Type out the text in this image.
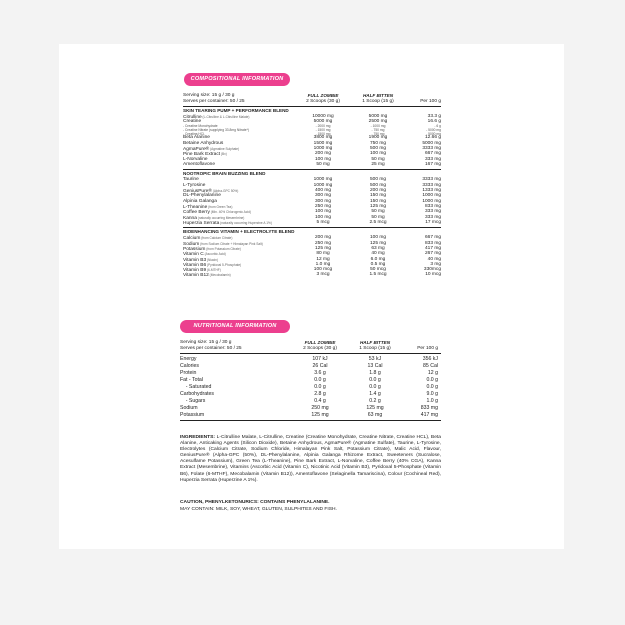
COMPOSITIONAL INFORMATION
Serving size: 15 g / 30 g	FULL ZOMBIE	HALF BITTEN
Serves per container: 50 / 25	2 Scoops (30 g)	1 Scoop (15 g)	Per 100 g
SKIN TEARING PUMP + PERFORMANCE BLEND
Citrulline (L-Citrulline & L-Citrulline Malate)	10000 mg	5000 mg	33.3 g
Creatine	5000 mg	2500 mg	16.6 g
- Creatine Monohydrate	- 2000 mg	- 1000 mg	- 6 g
- Creatine Nitrate (supplying 33.8mg Nitrate*)	- 1500 mg	- 750 mg	- 5000 mg
- Creatine HCl	- 1500 mg	- 750 mg	- 5000 mg
Beta Alanine	3800 mg	1900 mg	12.66 g
Betaine Anhydrous	1500 mg	750 mg	5000 mg
AgmaPure® (Agmatine Sulphate)	1000 mg	500 mg	3333 mg
Pine Bark Extract (Bx)	200 mg	100 mg	667 mg
L-Norvaline	100 mg	50 mg	333 mg
Amentoflavone	50 mg	25 mg	167 mg
NOOTROPIC BRAIN BUZZING BLEND
Taurine	1000 mg	500 mg	3333 mg
L-Tyrosine	1000 mg	500 mg	3333 mg
GeniusPure® (Alpha-GPC 50%)	400 mg	200 mg	1333 mg
DL-Phenylalanine	300 mg	150 mg	1000 mg
Alpinia Galanga	300 mg	150 mg	1000 mg
L-Theanine (from Green Tea)	250 mg	125 mg	833 mg
Coffee Berry (Min. 40% Chlorogenic Acid)	100 mg	50 mg	333 mg
Kanna (naturally occurring Mesembrine)	100 mg	50 mg	333 mg
Huperzia Serrata (naturally occurring Huperzine A 1%)	5 mcg	2.5 mcg	17 mcg
BIOENHANCING VITAMIN + ELECTROLYTE BLEND
Calcium (from Calcium Citrate)	200 mg	100 mg	667 mg
Sodium (from Sodium Citrate + Himalayan Pink Salt)	250 mg	125 mg	833 mg
Potassium (from Potassium Citrate)	125 mg	63 mg	417 mg
Vitamin C (Ascorbic Acid)	80 mg	40 mg	267 mg
Vitamin B3 (Niacin)	12 mg	6.0 mg	40 mg
Vitamin B6 (Pyridoxal 5-Phosphate)	1.0 mg	0.5 mg	3 mg
Vitamin B9 (6-MTHF)	100 mcg	50 mcg	330mcg
Vitamin B12 (Mecobalamin)	3 mcg	1.5 mcg	10 mcg
NUTRITIONAL INFORMATION
Serving size: 15 g / 30 g	FULL ZOMBIE	HALF BITTEN
Serves per container: 50 / 25	2 Scoops (30 g)	1 Scoop (15 g)	Per 100 g
Energy	107 kJ	53 kJ	356 kJ
Calories	26 Cal	13 Cal	85 Cal
Protein	3.6 g	1.8 g	12 g
Fat - Total	0.0 g	0.0 g	0.0 g
- Saturated	0.0 g	0.0 g	0.0 g
Carbohydrates	2.8 g	1.4 g	9.0 g
- Sugars	0.4 g	0.2 g	1.0 g
Sodium	250 mg	125 mg	833 mg
Potassium	125 mg	63 mg	417 mg
INGREDIENTS: L-Citrulline Malate, L-Citrulline, Creatine (Creatine Monohydrate, Creatine Nitrate, Creatine HCL), Beta Alanine, Anticaking Agents (Silicon Dioxide), Betaine Anhydrous, AgmaPure® (Agmatine Sulfate), Taurine, L-Tyrosine, Electrolytes (Calcium Citrate, Sodium Chloride, Himalayan Pink Salt, Potassium Citrate), Malic Acid, Flavour, GeniusPure® (Alpha-GPC (50%), DL-Phenylalanine, Alpinia Galanga Rhizome Extract, Sweeteners (Sucralose, Acesulfame Potassium), Green Tea (L-Theanine), Pine Bark Extract, L-Norvaline, Coffee Berry (40% CGA), Kanna Extract (Mesembrine), Vitamins (Ascorbic Acid (Vitamin C), Nicotinic Acid (Vitamin B3), Pyridoxal 5-Phosphate (Vitamin B6), Folate (6-MTHF), Mecobalamin (Vitamin B12)), Amentoflavone (Selaginella Tamariscina), Colour (Cochineal Red), Huperzia Serrata (Huperzine A 1%).
CAUTION, PHENYLKETONURICS: CONTAINS PHENYLALANINE.
MAY CONTAIN: MILK, SOY, WHEAT, GLUTEN, SULPHITES AND FISH.
